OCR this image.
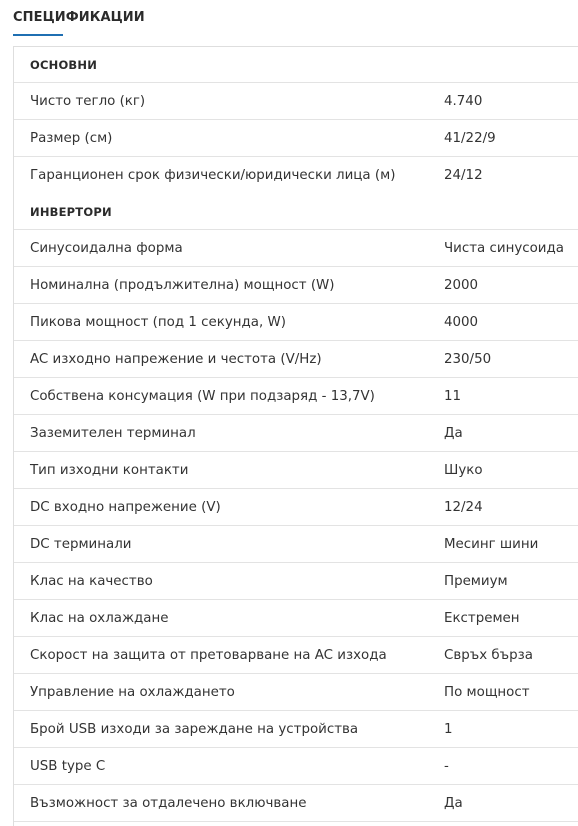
СПЕЦИФИКАЦИИ
ОСНОВНИ
Чисто тегло (кг)	4.740
Размер (см)	41/22/9
Гаранционен срок физически/юридически лица (м)	24/12
ИНВЕРТОРИ
Синусоидална форма	Чиста синусоида
Номинална (продължителна) мощност (W)	2000
Пикова мощност (под 1 секунда, W)	4000
AC изходно напрежение и честота (V/Hz)	230/50
Собствена консумация (W при подзаряд - 13,7V)	11
Заземителен терминал	Да
Тип изходни контакти	Шуко
DC входно напрежение (V)	12/24
DC терминали	Месинг шини
Клас на качество	Премиум
Клас на охлаждане	Екстремен
Скорост на защита от претоварване на AC изхода	Свръх бърза
Управление на охлаждането	По мощност
Брой USB изходи за зареждане на устройства	1
USB type C	-
Възможност за отдалечено включване	Да
